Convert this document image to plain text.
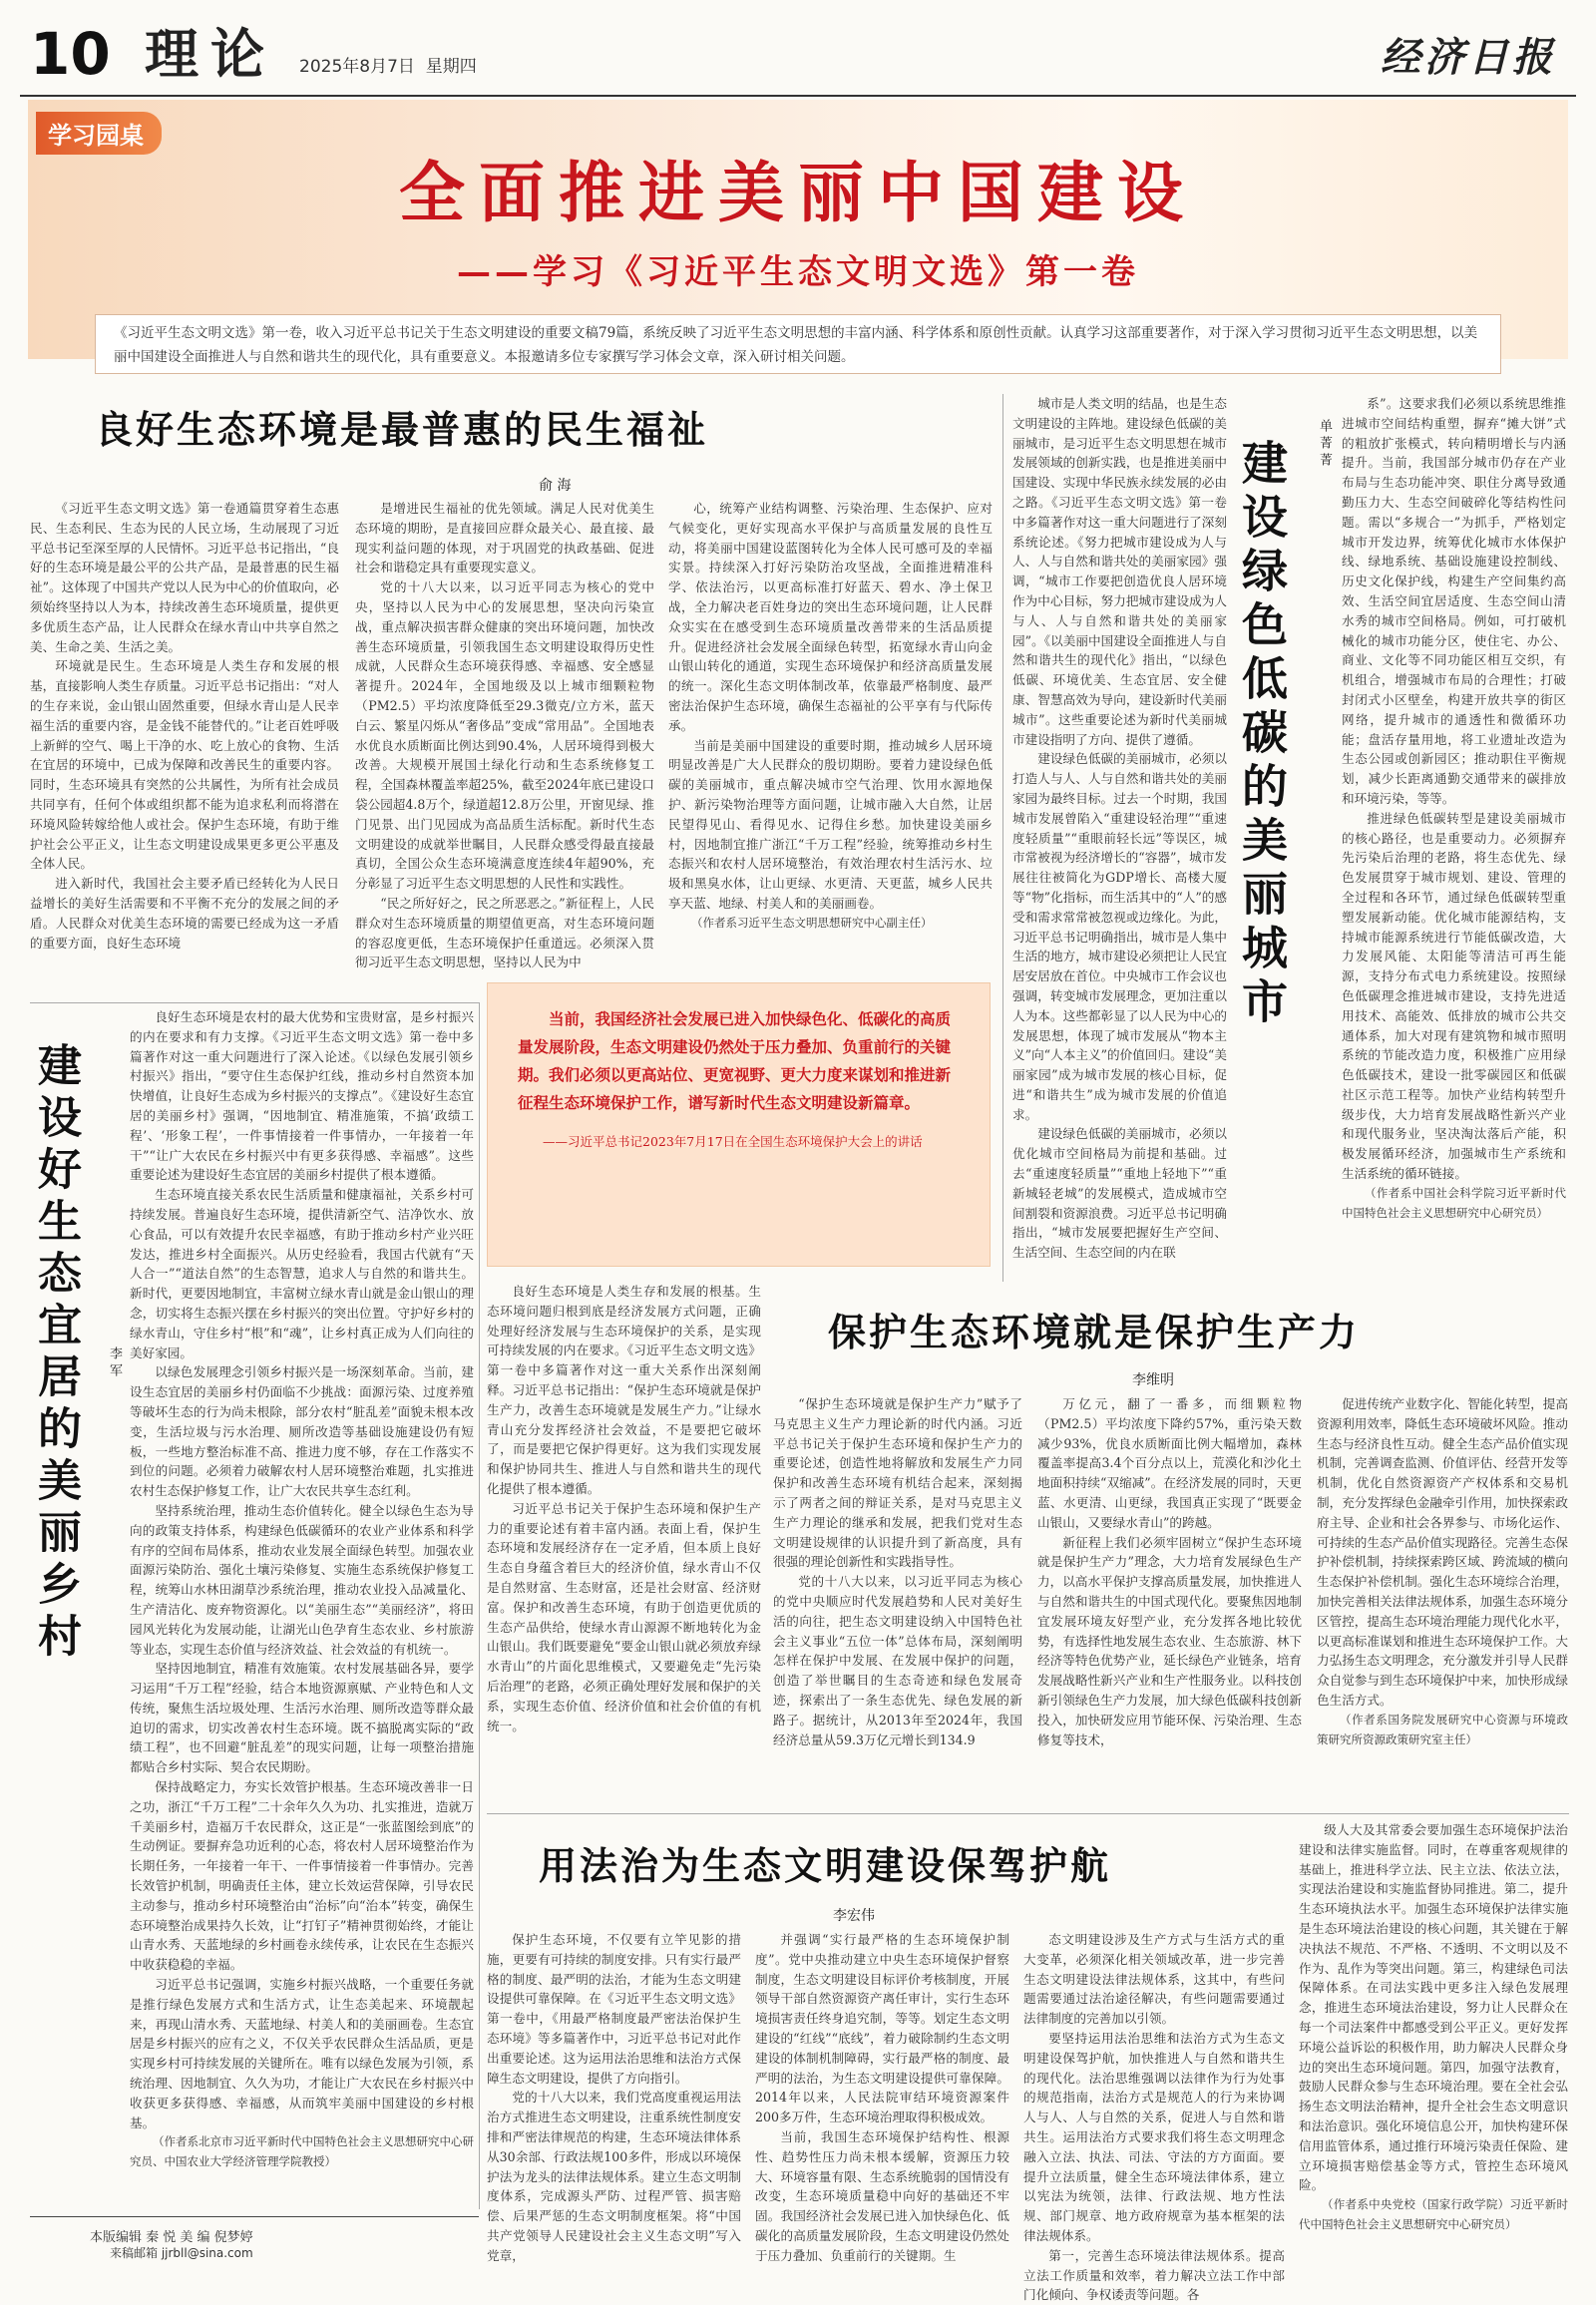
10 理论 2025年8月7日 星期四	经济日报
学习园桌
全面推进美丽中国建设
——学习《习近平生态文明文选》第一卷
《习近平生态文明文选》第一卷，收入习近平总书记关于生态文明建设的重要文稿79篇，系统反映了习近平生态文明思想的丰富内涵、科学体系和原创性贡献。认真学习这部重要著作，对于深入学习贯彻习近平生态文明思想，以美丽中国建设全面推进人与自然和谐共生的现代化，具有重要意义。本报邀请多位专家撰写学习体会文章，深入研讨相关问题。
良好生态环境是最普惠的民生福祉
俞 海

《习近平生态文明文选》第一卷通篇贯穿着生态惠民、生态利民、生态为民的人民立场，生动展现了习近平总书记至深至厚的人民情怀。习近平总书记指出，“良好的生态环境是最公平的公共产品，是最普惠的民生福祉”。这体现了中国共产党以人民为中心的价值取向，必须始终坚持以人为本，持续改善生态环境质量，提供更多优质生态产品，让人民群众在绿水青山中共享自然之美、生命之美、生活之美。

环境就是民生。生态环境是人类生存和发展的根基，直接影响人类生存质量。习近平总书记指出：“对人的生存来说，金山银山固然重要，但绿水青山是人民幸福生活的重要内容，是金钱不能替代的。”让老百姓呼吸上新鲜的空气、喝上干净的水、吃上放心的食物、生活在宜居的环境中，已成为保障和改善民生的重要内容。同时，生态环境具有突然的公共属性，为所有社会成员共同享有，任何个体或组织都不能为追求私利而将潜在环境风险转嫁给他人或社会。保护生态环境，有助于维护社会公平正义，让生态文明建设成果更多更公平惠及全体人民。

进入新时代，我国社会主要矛盾已经转化为人民日益增长的美好生活需要和不平衡不充分的发展之间的矛盾。人民群众对优美生态环境的需要已经成为这一矛盾的重要方面，良好生态环境

是增进民生福祉的优先领域。满足人民对优美生态环境的期盼，是直接回应群众最关心、最直接、最现实利益问题的体现，对于巩固党的执政基础、促进社会和谐稳定具有重要现实意义。

党的十八大以来，以习近平同志为核心的党中央，坚持以人民为中心的发展思想，坚决向污染宣战，重点解决损害群众健康的突出环境问题，加快改善生态环境质量，引领我国生态文明建设取得历史性成就，人民群众生态环境获得感、幸福感、安全感显著提升。2024年，全国地级及以上城市细颗粒物（PM2.5）平均浓度降低至29.3微克/立方米，蓝天白云、繁星闪烁从“奢侈品”变成“常用品”。全国地表水优良水质断面比例达到90.4%，人居环境得到极大改善。大规模开展国土绿化行动和生态系统修复工程，全国森林覆盖率超25%，截至2024年底已建设口袋公园超4.8万个，绿道超12.8万公里，开窗见绿、推门见景、出门见园成为高品质生活标配。新时代生态文明建设的成就举世瞩目，人民群众感受得最直接最真切，全国公众生态环境满意度连续4年超90%，充分彰显了习近平生态文明思想的人民性和实践性。

“民之所好好之，民之所恶恶之。”新征程上，人民群众对生态环境质量的期望值更高，对生态环境问题的容忍度更低，生态环境保护任重道远。必须深入贯彻习近平生态文明思想，坚持以人民为中

心，统筹产业结构调整、污染治理、生态保护、应对气候变化，更好实现高水平保护与高质量发展的良性互动，将美丽中国建设蓝图转化为全体人民可感可及的幸福实景。持续深入打好污染防治攻坚战，全面推进精准科学、依法治污，以更高标准打好蓝天、碧水、净土保卫战，全力解决老百姓身边的突出生态环境问题，让人民群众实实在在感受到生态环境质量改善带来的生活品质提升。促进经济社会发展全面绿色转型，拓宽绿水青山向金山银山转化的通道，实现生态环境保护和经济高质量发展的统一。深化生态文明体制改革，依靠最严格制度、最严密法治保护生态环境，确保生态福祉的公平享有与代际传承。

当前是美丽中国建设的重要时期，推动城乡人居环境明显改善是广大人民群众的殷切期盼。要着力建设绿色低碳的美丽城市，重点解决城市空气治理、饮用水源地保护、新污染物治理等方面问题，让城市融入大自然，让居民望得见山、看得见水、记得住乡愁。加快建设美丽乡村，因地制宜推广浙江“千万工程”经验，统筹推动乡村生态振兴和农村人居环境整治，有效治理农村生活污水、垃圾和黑臭水体，让山更绿、水更清、天更蓝，城乡人民共享天蓝、地绿、村美人和的美丽画卷。

（作者系习近平生态文明思想研究中心副主任）

城市是人类文明的结晶，也是生态文明建设的主阵地。建设绿色低碳的美丽城市，是习近平生态文明思想在城市发展领域的创新实践，也是推进美丽中国建设、实现中华民族永续发展的必由之路。《习近平生态文明文选》第一卷中多篇著作对这一重大问题进行了深刻系统论述。《努力把城市建设成为人与人、人与自然和谐共处的美丽家园》强调，“城市工作要把创造优良人居环境作为中心目标，努力把城市建设成为人与人、人与自然和谐共处的美丽家园”。《以美丽中国建设全面推进人与自然和谐共生的现代化》指出，“以绿色低碳、环境优美、生态宜居、安全健康、智慧高效为导向，建设新时代美丽城市”。这些重要论述为新时代美丽城市建设指明了方向、提供了遵循。

建设绿色低碳的美丽城市，必须以打造人与人、人与自然和谐共处的美丽家园为最终目标。过去一个时期，我国城市发展曾陷入“重建设轻治理”“重速度轻质量”“重眼前轻长远”等误区，城市常被视为经济增长的“容器”，城市发展往往被简化为GDP增长、高楼大厦等“物”化指标，而生活其中的“人”的感受和需求常常被忽视或边缘化。为此，习近平总书记明确指出，城市是人集中生活的地方，城市建设必须把让人民宜居安居放在首位。中央城市工作会议也强调，转变城市发展理念，更加注重以人为本。这些都彰显了以人民为中心的发展思想，体现了城市发展从“物本主义”向“人本主义”的价值回归。建设“美丽家园”成为城市发展的核心目标，促进“和谐共生”成为城市发展的价值追求。

建设绿色低碳的美丽城市，必须以优化城市空间格局为前提和基础。过去“重速度轻质量”“重地上轻地下”“重新城轻老城”的发展模式，造成城市空间割裂和资源浪费。习近平总书记明确指出，“城市发展要把握好生产空间、生活空间、生态空间的内在联

建设绿色低碳的美丽城市 单菁菁

系”。这要求我们必须以系统思维推进城市空间结构重塑，摒弃“摊大饼”式的粗放扩张模式，转向精明增长与内涵提升。当前，我国部分城市仍存在产业布局与生态功能冲突、职住分离导致通勤压力大、生态空间破碎化等结构性问题。需以“多规合一”为抓手，严格划定城市开发边界，统筹优化城市水体保护线、绿地系统、基础设施建设控制线、历史文化保护线，构建生产空间集约高效、生活空间宜居适度、生态空间山清水秀的城市空间格局。例如，可打破机械化的城市功能分区，使住宅、办公、商业、文化等不同功能区相互交织，有机组合，增强城市布局的合理性；打破封闭式小区壁垒，构建开放共享的街区网络，提升城市的通透性和微循环功能；盘活存量用地，将工业遗址改造为生态公园或创新园区；推动职住平衡规划，减少长距离通勤交通带来的碳排放和环境污染，等等。

推进绿色低碳转型是建设美丽城市的核心路径，也是重要动力。必须摒弃先污染后治理的老路，将生态优先、绿色发展贯穿于城市规划、建设、管理的全过程和各环节，通过绿色低碳转型重塑发展新动能。优化城市能源结构，支持城市能源系统进行节能低碳改造，大力发展风能、太阳能等清洁可再生能源，支持分布式电力系统建设。按照绿色低碳理念推进城市建设，支持先进适用技术、高能效、低排放的城市公共交通体系，加大对现有建筑物和城市照明系统的节能改造力度，积极推广应用绿色低碳技术，建设一批零碳园区和低碳社区示范工程等。加快产业结构转型升级步伐，大力培育发展战略性新兴产业和现代服务业，坚决淘汰落后产能，积极发展循环经济，加强城市生产系统和生活系统的循环链接。

（作者系中国社会科学院习近平新时代中国特色社会主义思想研究中心研究员）

建设好生态宜居的美丽乡村 李军

良好生态环境是农村的最大优势和宝贵财富，是乡村振兴的内在要求和有力支撑。《习近平生态文明文选》第一卷中多篇著作对这一重大问题进行了深入论述。《以绿色发展引领乡村振兴》指出，“要守住生态保护红线，推动乡村自然资本加快增值，让良好生态成为乡村振兴的支撑点”。《建设好生态宜居的美丽乡村》强调，“因地制宜、精准施策，不搞‘政绩工程’、‘形象工程’，一件事情接着一件事情办，一年接着一年干”“让广大农民在乡村振兴中有更多获得感、幸福感”。这些重要论述为建设好生态宜居的美丽乡村提供了根本遵循。

生态环境直接关系农民生活质量和健康福祉，关系乡村可持续发展。普遍良好生态环境，提供清新空气、洁净饮水、放心食品，可以有效提升农民幸福感，有助于推动乡村产业兴旺发达，推进乡村全面振兴。从历史经验看，我国古代就有“天人合一”“道法自然”的生态智慧，追求人与自然的和谐共生。新时代，更要因地制宜，丰富树立绿水青山就是金山银山的理念，切实将生态振兴摆在乡村振兴的突出位置。守护好乡村的绿水青山，守住乡村“根”和“魂”，让乡村真正成为人们向往的美好家园。

以绿色发展理念引领乡村振兴是一场深刻革命。当前，建设生态宜居的美丽乡村仍面临不少挑战：面源污染、过度养殖等破坏生态的行为尚未根除，部分农村“脏乱差”面貌未根本改变，生活垃圾与污水治理、厕所改造等基础设施建设仍有短板，一些地方整治标准不高、推进力度不够，存在工作落实不到位的问题。必须着力破解农村人居环境整治难题，扎实推进农村生态保护修复工作，让广大农民共享生态红利。

坚持系统治理，推动生态价值转化。健全以绿色生态为导向的政策支持体系，构建绿色低碳循环的农业产业体系和科学有序的空间布局体系，推动农业发展全面绿色转型。加强农业面源污染防治、强化土壤污染修复、实施生态系统保护修复工程，统筹山水林田湖草沙系统治理，推动农业投入品减量化、生产清洁化、废弃物资源化。以“美丽生态”“美丽经济”，将田园风光转化为发展动能，让湖光山色孕育生态农业、乡村旅游等业态，实现生态价值与经济效益、社会效益的有机统一。

坚持因地制宜，精准有效施策。农村发展基础各异，要学习运用“千万工程”经验，结合本地资源禀赋、产业特色和人文传统，聚焦生活垃圾处理、生活污水治理、厕所改造等群众最迫切的需求，切实改善农村生态环境。既不搞脱离实际的“政绩工程”，也不回避“脏乱差”的现实问题，让每一项整治措施都贴合乡村实际、契合农民期盼。

保持战略定力，夯实长效管护根基。生态环境改善非一日之功，浙江“千万工程”二十余年久久为功、扎实推进，造就万千美丽乡村，造福万千农民群众，这正是“一张蓝图绘到底”的生动例证。要摒弃急功近利的心态，将农村人居环境整治作为长期任务，一年接着一年干、一件事情接着一件事情办。完善长效管护机制，明确责任主体，建立长效运营保障，引导农民主动参与，推动乡村环境整治由“治标”向“治本”转变，确保生态环境整治成果持久长效，让“打钉子”精神贯彻始终，才能让山青水秀、天蓝地绿的乡村画卷永续传承，让农民在生态振兴中收获稳稳的幸福。

习近平总书记强调，实施乡村振兴战略，一个重要任务就是推行绿色发展方式和生活方式，让生态美起来、环境靓起来，再现山清水秀、天蓝地绿、村美人和的美丽画卷。生态宜居是乡村振兴的应有之义，不仅关乎农民群众生活品质，更是实现乡村可持续发展的关键所在。唯有以绿色发展为引领，系统治理、因地制宜、久久为功，才能让广大农民在乡村振兴中收获更多获得感、幸福感，从而筑牢美丽中国建设的乡村根基。

（作者系北京市习近平新时代中国特色社会主义思想研究中心研究员、中国农业大学经济管理学院教授）

当前，我国经济社会发展已进入加快绿色化、低碳化的高质量发展阶段，生态文明建设仍然处于压力叠加、负重前行的关键期。我们必须以更高站位、更宽视野、更大力度来谋划和推进新征程生态环境保护工作，谱写新时代生态文明建设新篇章。
——习近平总书记2023年7月17日在全国生态环境保护大会上的讲话

良好生态环境是人类生存和发展的根基。生态环境问题归根到底是经济发展方式问题，正确处理好经济发展与生态环境保护的关系，是实现可持续发展的内在要求。《习近平生态文明文选》第一卷中多篇著作对这一重大关系作出深刻阐释。习近平总书记指出：“保护生态环境就是保护生产力，改善生态环境就是发展生产力。”让绿水青山充分发挥经济社会效益，不是要把它破坏了，而是要把它保护得更好。这为我们实现发展和保护协同共生、推进人与自然和谐共生的现代化提供了根本遵循。

习近平总书记关于保护生态环境和保护生产力的重要论述有着丰富内涵。表面上看，保护生态环境和发展经济存在一定矛盾，但本质上良好生态自身蕴含着巨大的经济价值，绿水青山不仅是自然财富、生态财富，还是社会财富、经济财富。保护和改善生态环境，有助于创造更优质的生态产品供给，使绿水青山源源不断地转化为金山银山。我们既要避免“要金山银山就必须放弃绿水青山”的片面化思维模式，又要避免走“先污染后治理”的老路，必须正确处理好发展和保护的关系，实现生态价值、经济价值和社会价值的有机统一。

保护生态环境就是保护生产力
李维明

“保护生态环境就是保护生产力”赋予了马克思主义生产力理论新的时代内涵。习近平总书记关于保护生态环境和保护生产力的重要论述，创造性地将解放和发展生产力同保护和改善生态环境有机结合起来，深刻揭示了两者之间的辩证关系，是对马克思主义生产力理论的继承和发展，把我们党对生态文明建设规律的认识提升到了新高度，具有很强的理论创新性和实践指导性。

党的十八大以来，以习近平同志为核心的党中央顺应时代发展趋势和人民对美好生活的向往，把生态文明建设纳入中国特色社会主义事业“五位一体”总体布局，深刻阐明怎样在保护中发展、在发展中保护的问题，创造了举世瞩目的生态奇迹和绿色发展奇迹，探索出了一条生态优先、绿色发展的新路子。据统计，从2013年至2024年，我国经济总量从59.3万亿元增长到134.9

万亿元，翻了一番多，而细颗粒物（PM2.5）平均浓度下降约57%，重污染天数减少93%，优良水质断面比例大幅增加，森林覆盖率提高3.4个百分点以上，荒漠化和沙化土地面积持续“双缩减”。在经济发展的同时，天更蓝、水更清、山更绿，我国真正实现了“既要金山银山，又要绿水青山”的跨越。

新征程上我们必须牢固树立“保护生态环境就是保护生产力”理念，大力培育发展绿色生产力，以高水平保护支撑高质量发展，加快推进人与自然和谐共生的中国式现代化。要聚焦因地制宜发展环境友好型产业，充分发挥各地比较优势，有选择性地发展生态农业、生态旅游、林下经济等特色优势产业，延长绿色产业链条，培育发展战略性新兴产业和生产性服务业。以科技创新引领绿色生产力发展，加大绿色低碳科技创新投入，加快研发应用节能环保、污染治理、生态修复等技术，

促进传统产业数字化、智能化转型，提高资源利用效率，降低生态环境破坏风险。推动生态与经济良性互动。健全生态产品价值实现机制，完善调查监测、价值评估、经营开发等机制，优化自然资源资产产权体系和交易机制，充分发挥绿色金融牵引作用，加快探索政府主导、企业和社会各界参与、市场化运作、可持续的生态产品价值实现路径。完善生态保护补偿机制，持续探索跨区域、跨流域的横向生态保护补偿机制。强化生态环境综合治理，加快完善相关法律法规体系，加强生态环境分区管控，提高生态环境治理能力现代化水平，以更高标准谋划和推进生态环境保护工作。大力弘扬生态文明理念，充分激发并引导人民群众自觉参与到生态环境保护中来，加快形成绿色生活方式。

（作者系国务院发展研究中心资源与环境政策研究所资源政策研究室主任）

用法治为生态文明建设保驾护航
李宏伟

保护生态环境，不仅要有立竿见影的措施，更要有可持续的制度安排。只有实行最严格的制度、最严明的法治，才能为生态文明建设提供可靠保障。在《习近平生态文明文选》第一卷中，《用最严格制度最严密法治保护生态环境》等多篇著作中，习近平总书记对此作出重要论述。这为运用法治思维和法治方式保障生态文明建设，提供了方向指引。

党的十八大以来，我们党高度重视运用法治方式推进生态文明建设，注重系统性制度安排和严密法律规范的构建，生态环境法律体系从30余部、行政法规100多件，形成以环境保护法为龙头的法律法规体系。建立生态文明制度体系，完成源头严防、过程严管、损害赔偿、后果严惩的生态文明制度框架。将“中国共产党领导人民建设社会主义生态文明”写入党章，

并强调“实行最严格的生态环境保护制度”。党中央推动建立中央生态环境保护督察制度，生态文明建设目标评价考核制度，开展领导干部自然资源资产离任审计，实行生态环境损害责任终身追究制，等等。划定生态文明建设的“红线”“底线”，着力破除制约生态文明建设的体制机制障碍，实行最严格的制度、最严明的法治，为生态文明建设提供可靠保障。2014年以来，人民法院审结环境资源案件200多万件，生态环境治理取得积极成效。

当前，我国生态环境保护结构性、根源性、趋势性压力尚未根本缓解，资源压力较大、环境容量有限、生态系统脆弱的国情没有改变，生态环境质量稳中向好的基础还不牢固。我国经济社会发展已进入加快绿色化、低碳化的高质量发展阶段，生态文明建设仍然处于压力叠加、负重前行的关键期。生

态文明建设涉及生产方式与生活方式的重大变革，必须深化相关领域改革，进一步完善生态文明建设法律法规体系，这其中，有些问题需要通过法治途径解决，有些问题需要通过法律制度的完善加以引领。

要坚持运用法治思维和法治方式为生态文明建设保驾护航，加快推进人与自然和谐共生的现代化。法治思维强调以法律作为行为处事的规范指南，法治方式是规范人的行为来协调人与人、人与自然的关系，促进人与自然和谐共生。运用法治方式要求我们将生态文明理念融入立法、执法、司法、守法的方方面面。要提升立法质量，健全生态环境法律体系，建立以宪法为统领，法律、行政法规、地方性法规、部门规章、地方政府规章为基本框架的法律法规体系。

第一，完善生态环境法律法规体系。提高立法工作质量和效率，着力解决立法工作中部门化倾向、争权诿责等问题。各

级人大及其常委会要加强生态环境保护法治建设和法律实施监督。同时，在尊重客观规律的基础上，推进科学立法、民主立法、依法立法，实现法治建设和实施监督协同推进。第二，提升生态环境执法水平。加强生态环境保护法律实施是生态环境法治建设的核心问题，其关键在于解决执法不规范、不严格、不透明、不文明以及不作为、乱作为等突出问题。第三，构建绿色司法保障体系。在司法实践中更多注入绿色发展理念，推进生态环境法治建设，努力让人民群众在每一个司法案件中都感受到公平正义。更好发挥环境公益诉讼的积极作用，助力解决人民群众身边的突出生态环境问题。第四，加强守法教育，鼓励人民群众参与生态环境治理。要在全社会弘扬生态文明法治精神，提升全社会生态文明意识和法治意识。强化环境信息公开，加快构建环保信用监管体系，通过推行环境污染责任保险、建立环境损害赔偿基金等方式，管控生态环境风险。

（作者系中央党校（国家行政学院）习近平新时代中国特色社会主义思想研究中心研究员）

本版编辑 秦 悦 美 编 倪梦婷
来稿邮箱 jjrbll@sina.com
